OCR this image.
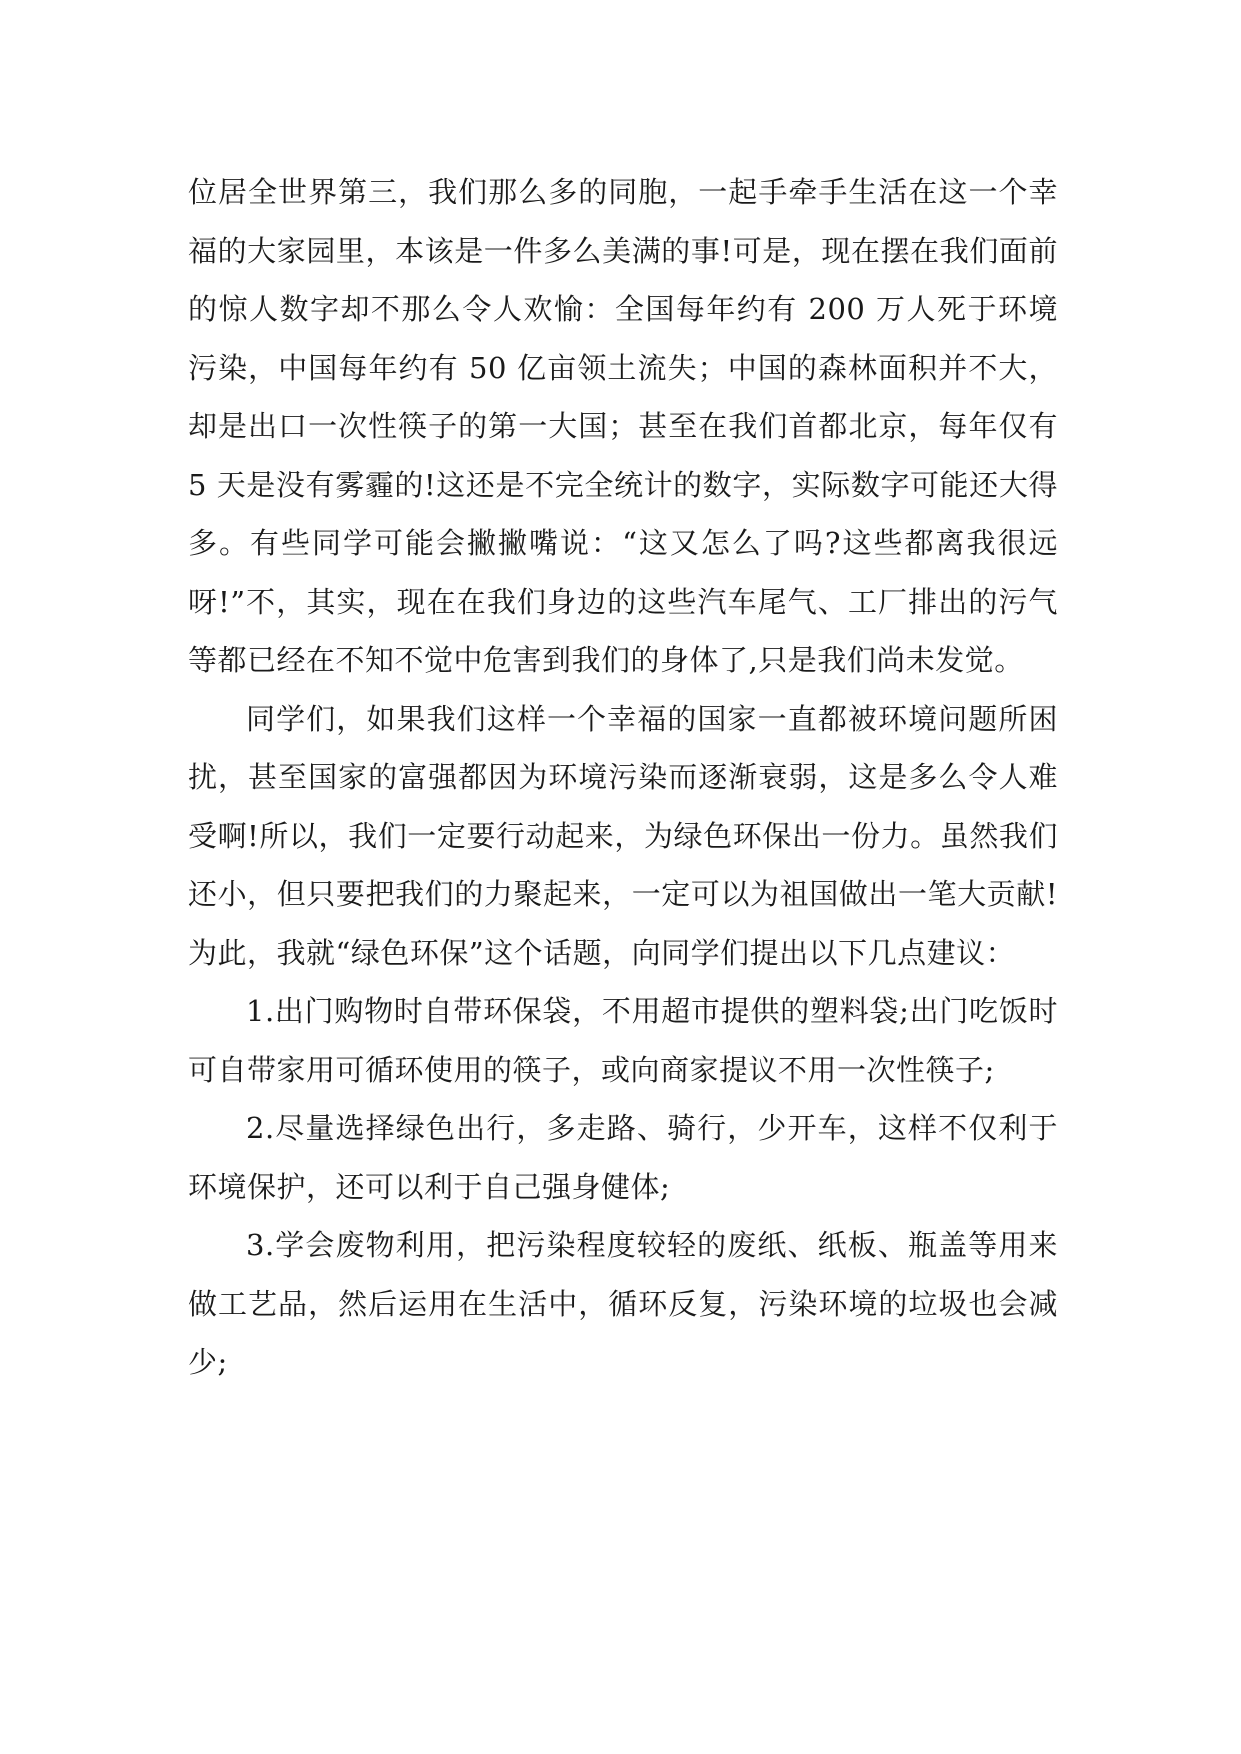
位居全世界第三，我们那么多的同胞，一起手牵手生活在这一个幸福的大家园里，本该是一件多么美满的事!可是，现在摆在我们面前的惊人数字却不那么令人欢愉：全国每年约有 200 万人死于环境污染，中国每年约有 50 亿亩领土流失；中国的森林面积并不大，却是出口一次性筷子的第一大国；甚至在我们首都北京，每年仅有 5 天是没有雾霾的!这还是不完全统计的数字，实际数字可能还大得多。有些同学可能会撇撇嘴说：“这又怎么了吗?这些都离我很远呀!”不，其实，现在在我们身边的这些汽车尾气、工厂排出的污气等都已经在不知不觉中危害到我们的身体了,只是我们尚未发觉。

同学们，如果我们这样一个幸福的国家一直都被环境问题所困扰，甚至国家的富强都因为环境污染而逐渐衰弱，这是多么令人难受啊!所以，我们一定要行动起来，为绿色环保出一份力。虽然我们还小，但只要把我们的力聚起来，一定可以为祖国做出一笔大贡献!为此，我就“绿色环保”这个话题，向同学们提出以下几点建议：

1.出门购物时自带环保袋，不用超市提供的塑料袋;出门吃饭时可自带家用可循环使用的筷子，或向商家提议不用一次性筷子;

2.尽量选择绿色出行，多走路、骑行，少开车，这样不仅利于环境保护，还可以利于自己强身健体;

3.学会废物利用，把污染程度较轻的废纸、纸板、瓶盖等用来做工艺品，然后运用在生活中，循环反复，污染环境的垃圾也会减少;
